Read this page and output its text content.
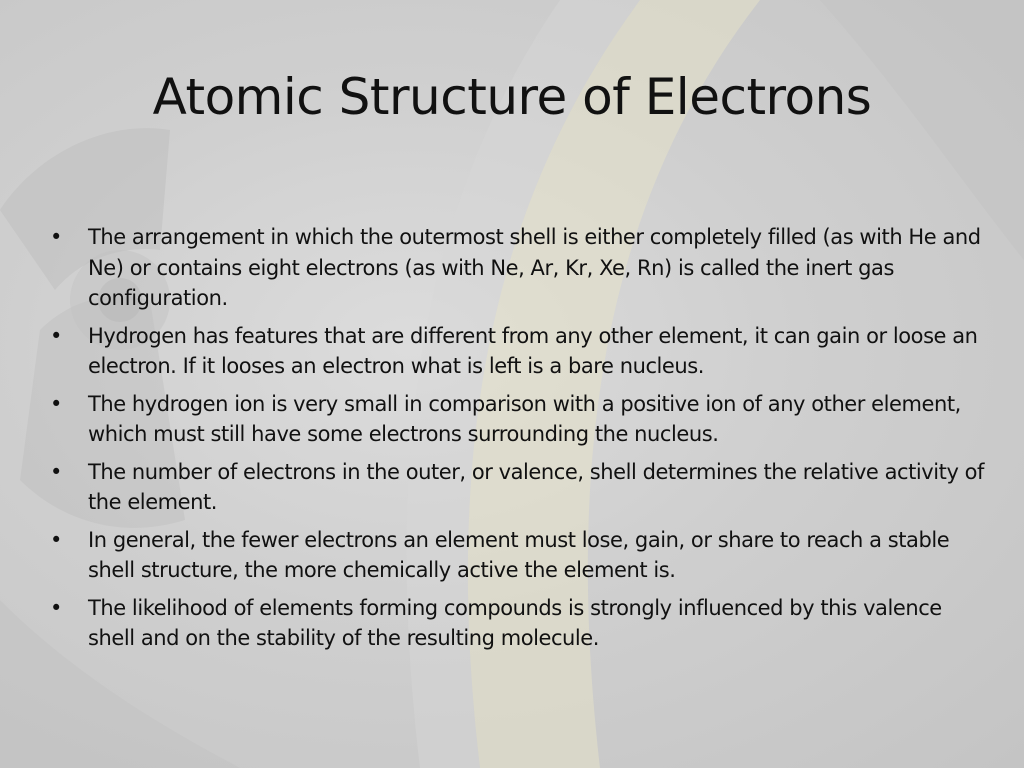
Atomic Structure of Electrons
• The arrangement in which the outermost shell is either completely filled (as with He and Ne) or contains eight electrons (as with Ne, Ar, Kr, Xe, Rn) is called the inert gas configuration.
• Hydrogen has features that are different from any other element, it can gain or loose an electron. If it looses an electron what is left is a bare nucleus.
• The hydrogen ion is very small in comparison with a positive ion of any other element, which must still have some electrons surrounding the nucleus.
• The number of electrons in the outer, or valence, shell determines the relative activity of the element.
• In general, the fewer electrons an element must lose, gain, or share to reach a stable shell structure, the more chemically active the element is.
• The likelihood of elements forming compounds is strongly influenced by this valence shell and on the stability of the resulting molecule.
